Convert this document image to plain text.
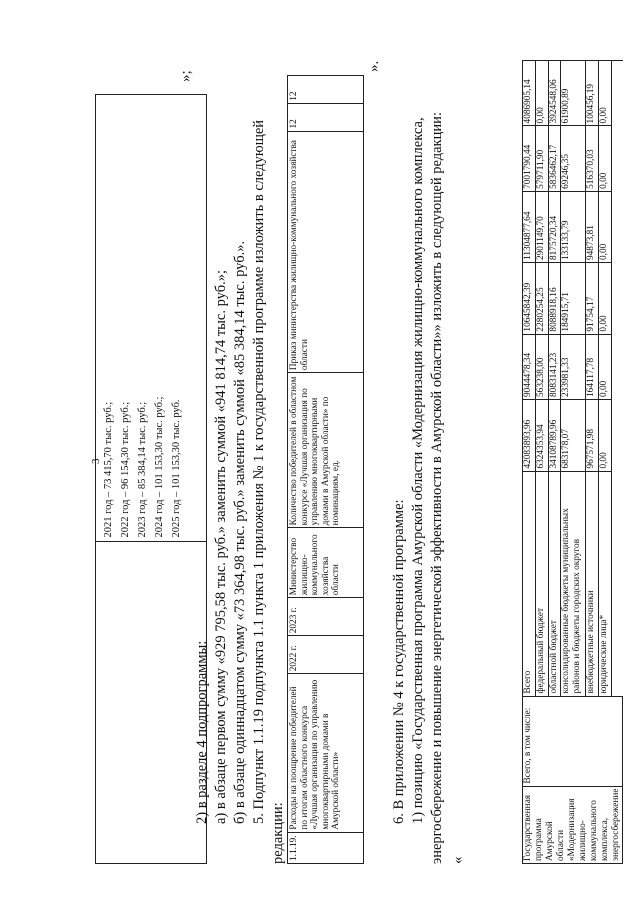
3
	2021 год – 73 415,70 тыс. руб.; 2022 год – 96 154,30 тыс. руб.; 2023 год – 85 384,14 тыс. руб.; 2024 год – 101 153,30 тыс. руб.; 2025 год – 101 153,30 тыс. руб.
»;
2) в разделе 4 подпрограммы: а) в абзаце первом сумму «929 795,58 тыс. руб.» заменить суммой «941 814,74 тыс. руб.»; б) в абзаце одиннадцатом сумму «73 364,98 тыс. руб.» заменить суммой «85 384,14 тыс. руб.». 5. Подпункт 1.1.19 подпункта 1.1 пункта 1 приложения № 1 к государственной программе изложить в следующей
редакции: 1.1.19.	Расходы на поощрение победителей по итогам областного конкурса «Лучшая организация по управлению многоквартирными домами в Амурской области»	2022 г.	2023 г.	Министерство жилищно-коммунального хозяйства области	Количество победителей в областном конкурсе «Лучшая организация по управлению многоквартирными домами в Амурской области» по номинациям, ед.	Приказ министерства жилищно-коммунального хозяйства области	12	12
».
6. В приложении № 4 к государственной программе: 1) позицию «Государственная программа Амурской области «Модернизация жилищно-коммунального комплекса, энергосбережение и повышение энергетической эффективности в Амурской области»» изложить в следующей редакции: «	Государственная программа Амурской области «Модернизация жилищно-коммунального комплекса, энергосбережение	Всего, в том числе:	Всего	42083893,96	9044478,34	10645842,39	11304877,64	7001790,44	4086905,14
		федеральный бюджет	6324353,94	563238,00	2280254,25	2901149,70	579711,90	0,00
		областной бюджет	34108789,96	8083141,23	8088918,16	8175720,34	5836462,17	3924548,06
		консолидированные бюджеты муниципальных районов и бюджеты городских округов	683178,07	233981,33	184915,71	133133,79	69246,35	61900,89
		внебюджетные источники	967571,98	164117,78	91754,17	94873,81	516370,03	100456,19
		юридические лица*	0,00	0,00	0,00	0,00	0,00	0,00
